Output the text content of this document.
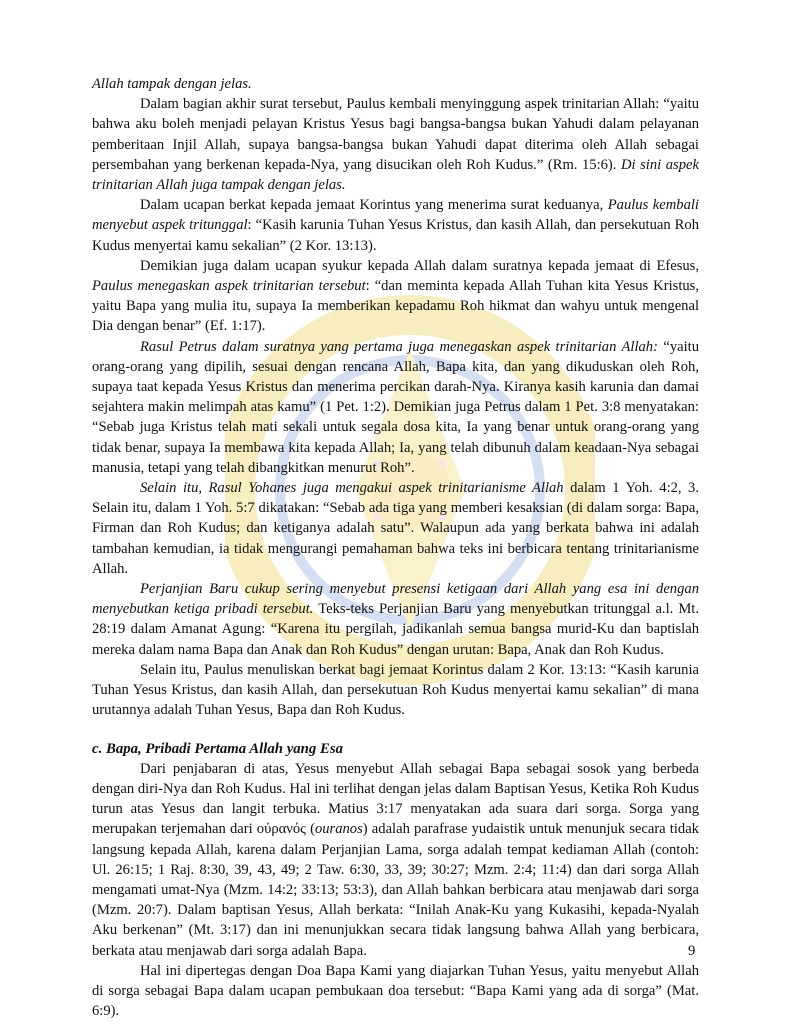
Allah tampak dengan jelas.

Dalam bagian akhir surat tersebut, Paulus kembali menyinggung aspek trinitarian Allah: “yaitu bahwa aku boleh menjadi pelayan Kristus Yesus bagi bangsa-bangsa bukan Yahudi dalam pelayanan pemberitaan Injil Allah, supaya bangsa-bangsa bukan Yahudi dapat diterima oleh Allah sebagai persembahan yang berkenan kepada-Nya, yang disucikan oleh Roh Kudus.” (Rm. 15:6). Di sini aspek trinitarian Allah juga tampak dengan jelas.

Dalam ucapan berkat kepada jemaat Korintus yang menerima surat keduanya, Paulus kembali menyebut aspek tritunggal: “Kasih karunia Tuhan Yesus Kristus, dan kasih Allah, dan persekutuan Roh Kudus menyertai kamu sekalian” (2 Kor. 13:13).

Demikian juga dalam ucapan syukur kepada Allah dalam suratnya kepada jemaat di Efesus, Paulus menegaskan aspek trinitarian tersebut: “dan meminta kepada Allah Tuhan kita Yesus Kristus, yaitu Bapa yang mulia itu, supaya Ia memberikan kepadamu Roh hikmat dan wahyu untuk mengenal Dia dengan benar” (Ef. 1:17).

Rasul Petrus dalam suratnya yang pertama juga menegaskan aspek trinitarian Allah: “yaitu orang-orang yang dipilih, sesuai dengan rencana Allah, Bapa kita, dan yang dikuduskan oleh Roh, supaya taat kepada Yesus Kristus dan menerima percikan darah-Nya. Kiranya kasih karunia dan damai sejahtera makin melimpah atas kamu” (1 Pet. 1:2). Demikian juga Petrus dalam 1 Pet. 3:8 menyatakan: “Sebab juga Kristus telah mati sekali untuk segala dosa kita, Ia yang benar untuk orang-orang yang tidak benar, supaya Ia membawa kita kepada Allah; Ia, yang telah dibunuh dalam keadaan-Nya sebagai manusia, tetapi yang telah dibangkitkan menurut Roh”.

Selain itu, Rasul Yohanes juga mengakui aspek trinitarianisme Allah dalam 1 Yoh. 4:2, 3. Selain itu, dalam 1 Yoh. 5:7 dikatakan: “Sebab ada tiga yang memberi kesaksian (di dalam sorga: Bapa, Firman dan Roh Kudus; dan ketiganya adalah satu”. Walaupun ada yang berkata bahwa ini adalah tambahan kemudian, ia tidak mengurangi pemahaman bahwa teks ini berbicara tentang trinitarianisme Allah.

Perjanjian Baru cukup sering menyebut presensi ketigaan dari Allah yang esa ini dengan menyebutkan ketiga pribadi tersebut. Teks-teks Perjanjian Baru yang menyebutkan tritunggal a.l. Mt. 28:19 dalam Amanat Agung: “Karena itu pergilah, jadikanlah semua bangsa murid-Ku dan baptislah mereka dalam nama Bapa dan Anak dan Roh Kudus” dengan urutan: Bapa, Anak dan Roh Kudus.

Selain itu, Paulus menuliskan berkat bagi jemaat Korintus dalam 2 Kor. 13:13: “Kasih karunia Tuhan Yesus Kristus, dan kasih Allah, dan persekutuan Roh Kudus menyertai kamu sekalian” di mana urutannya adalah Tuhan Yesus, Bapa dan Roh Kudus.

c. Bapa, Pribadi Pertama Allah yang Esa

Dari penjabaran di atas, Yesus menyebut Allah sebagai Bapa sebagai sosok yang berbeda dengan diri-Nya dan Roh Kudus. Hal ini terlihat dengan jelas dalam Baptisan Yesus, Ketika Roh Kudus turun atas Yesus dan langit terbuka. Matius 3:17 menyatakan ada suara dari sorga. Sorga yang merupakan terjemahan dari οὐρανός (ouranos) adalah parafrase yudaistik untuk menunjuk secara tidak langsung kepada Allah, karena dalam Perjanjian Lama, sorga adalah tempat kediaman Allah (contoh: Ul. 26:15; 1 Raj. 8:30, 39, 43, 49; 2 Taw. 6:30, 33, 39; 30:27; Mzm. 2:4; 11:4) dan dari sorga Allah mengamati umat-Nya (Mzm. 14:2; 33:13; 53:3), dan Allah bahkan berbicara atau menjawab dari sorga (Mzm. 20:7). Dalam baptisan Yesus, Allah berkata: “Inilah Anak-Ku yang Kukasihi, kepada-Nyalah Aku berkenan” (Mt. 3:17) dan ini menunjukkan secara tidak langsung bahwa Allah yang berbicara, berkata atau menjawab dari sorga adalah Bapa.

Hal ini dipertegas dengan Doa Bapa Kami yang diajarkan Tuhan Yesus, yaitu menyebut Allah di sorga sebagai Bapa dalam ucapan pembukaan doa tersebut: “Bapa Kami yang ada di sorga” (Mat. 6:9).

9
